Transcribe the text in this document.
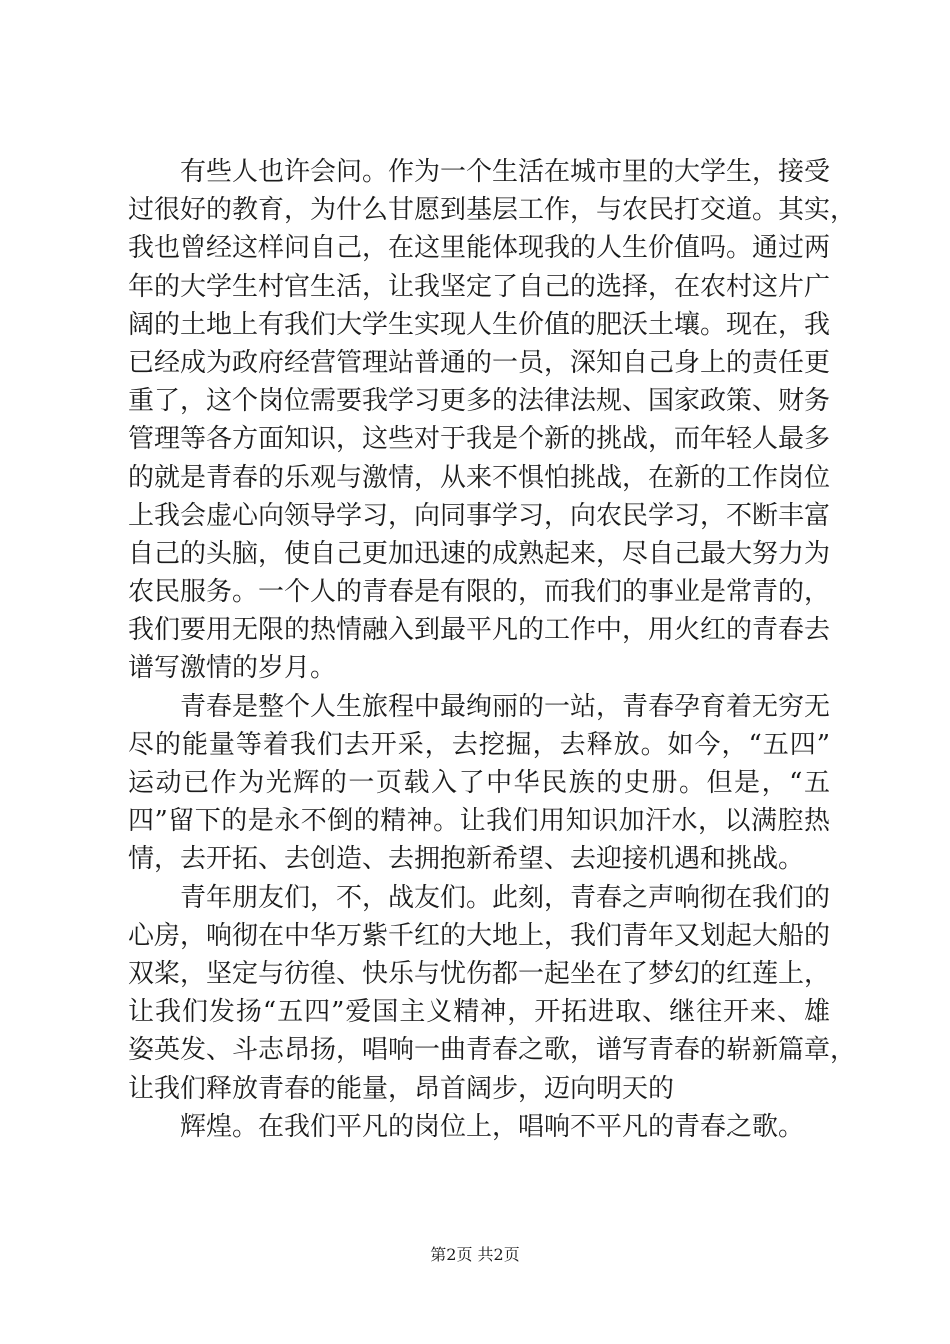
有些人也许会问。作为一个生活在城市里的大学生，接受
过很好的教育，为什么甘愿到基层工作，与农民打交道。其实，
我也曾经这样问自己，在这里能体现我的人生价值吗。通过两
年的大学生村官生活，让我坚定了自己的选择，在农村这片广
阔的土地上有我们大学生实现人生价值的肥沃土壤。现在，我
已经成为政府经营管理站普通的一员，深知自己身上的责任更
重了，这个岗位需要我学习更多的法律法规、国家政策、财务
管理等各方面知识，这些对于我是个新的挑战，而年轻人最多
的就是青春的乐观与激情，从来不惧怕挑战，在新的工作岗位
上我会虚心向领导学习，向同事学习，向农民学习，不断丰富
自己的头脑，使自己更加迅速的成熟起来，尽自己最大努力为
农民服务。一个人的青春是有限的，而我们的事业是常青的，
我们要用无限的热情融入到最平凡的工作中，用火红的青春去
谱写激情的岁月。
青春是整个人生旅程中最绚丽的一站，青春孕育着无穷无
尽的能量等着我们去开采，去挖掘，去释放。如今，“五四”
运动已作为光辉的一页载入了中华民族的史册。但是，“五
四”留下的是永不倒的精神。让我们用知识加汗水，以满腔热
情，去开拓、去创造、去拥抱新希望、去迎接机遇和挑战。
青年朋友们，不，战友们。此刻，青春之声响彻在我们的
心房，响彻在中华万紫千红的大地上，我们青年又划起大船的
双桨，坚定与彷徨、快乐与忧伤都一起坐在了梦幻的红莲上，
让我们发扬“五四”爱国主义精神，开拓进取、继往开来、雄
姿英发、斗志昂扬，唱响一曲青春之歌，谱写青春的崭新篇章，
让我们释放青春的能量，昂首阔步，迈向明天的
辉煌。在我们平凡的岗位上，唱响不平凡的青春之歌。
第2页 共2页
